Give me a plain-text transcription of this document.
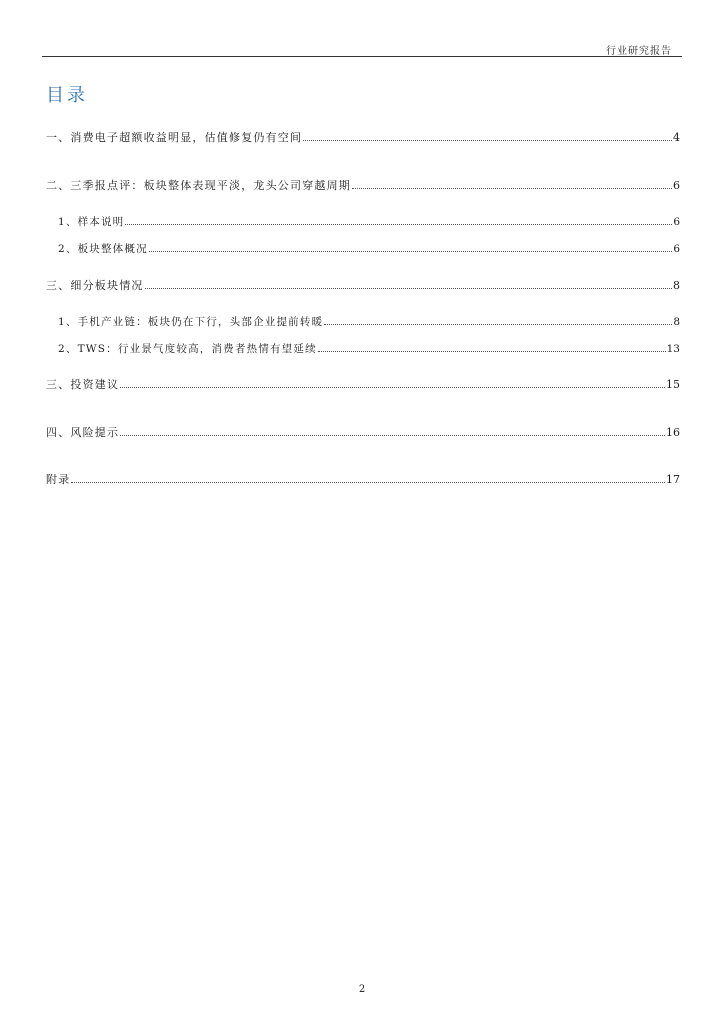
行业研究报告
目录
一、消费电子超额收益明显，估值修复仍有空间	4
二、三季报点评：板块整体表现平淡，龙头公司穿越周期	6
1、样本说明	6
2、板块整体概况	6
三、细分板块情况	8
1、手机产业链：板块仍在下行，头部企业提前转暖	8
2、TWS：行业景气度较高，消费者热情有望延续	13
三、投资建议	15
四、风险提示	16
附录	17
2
